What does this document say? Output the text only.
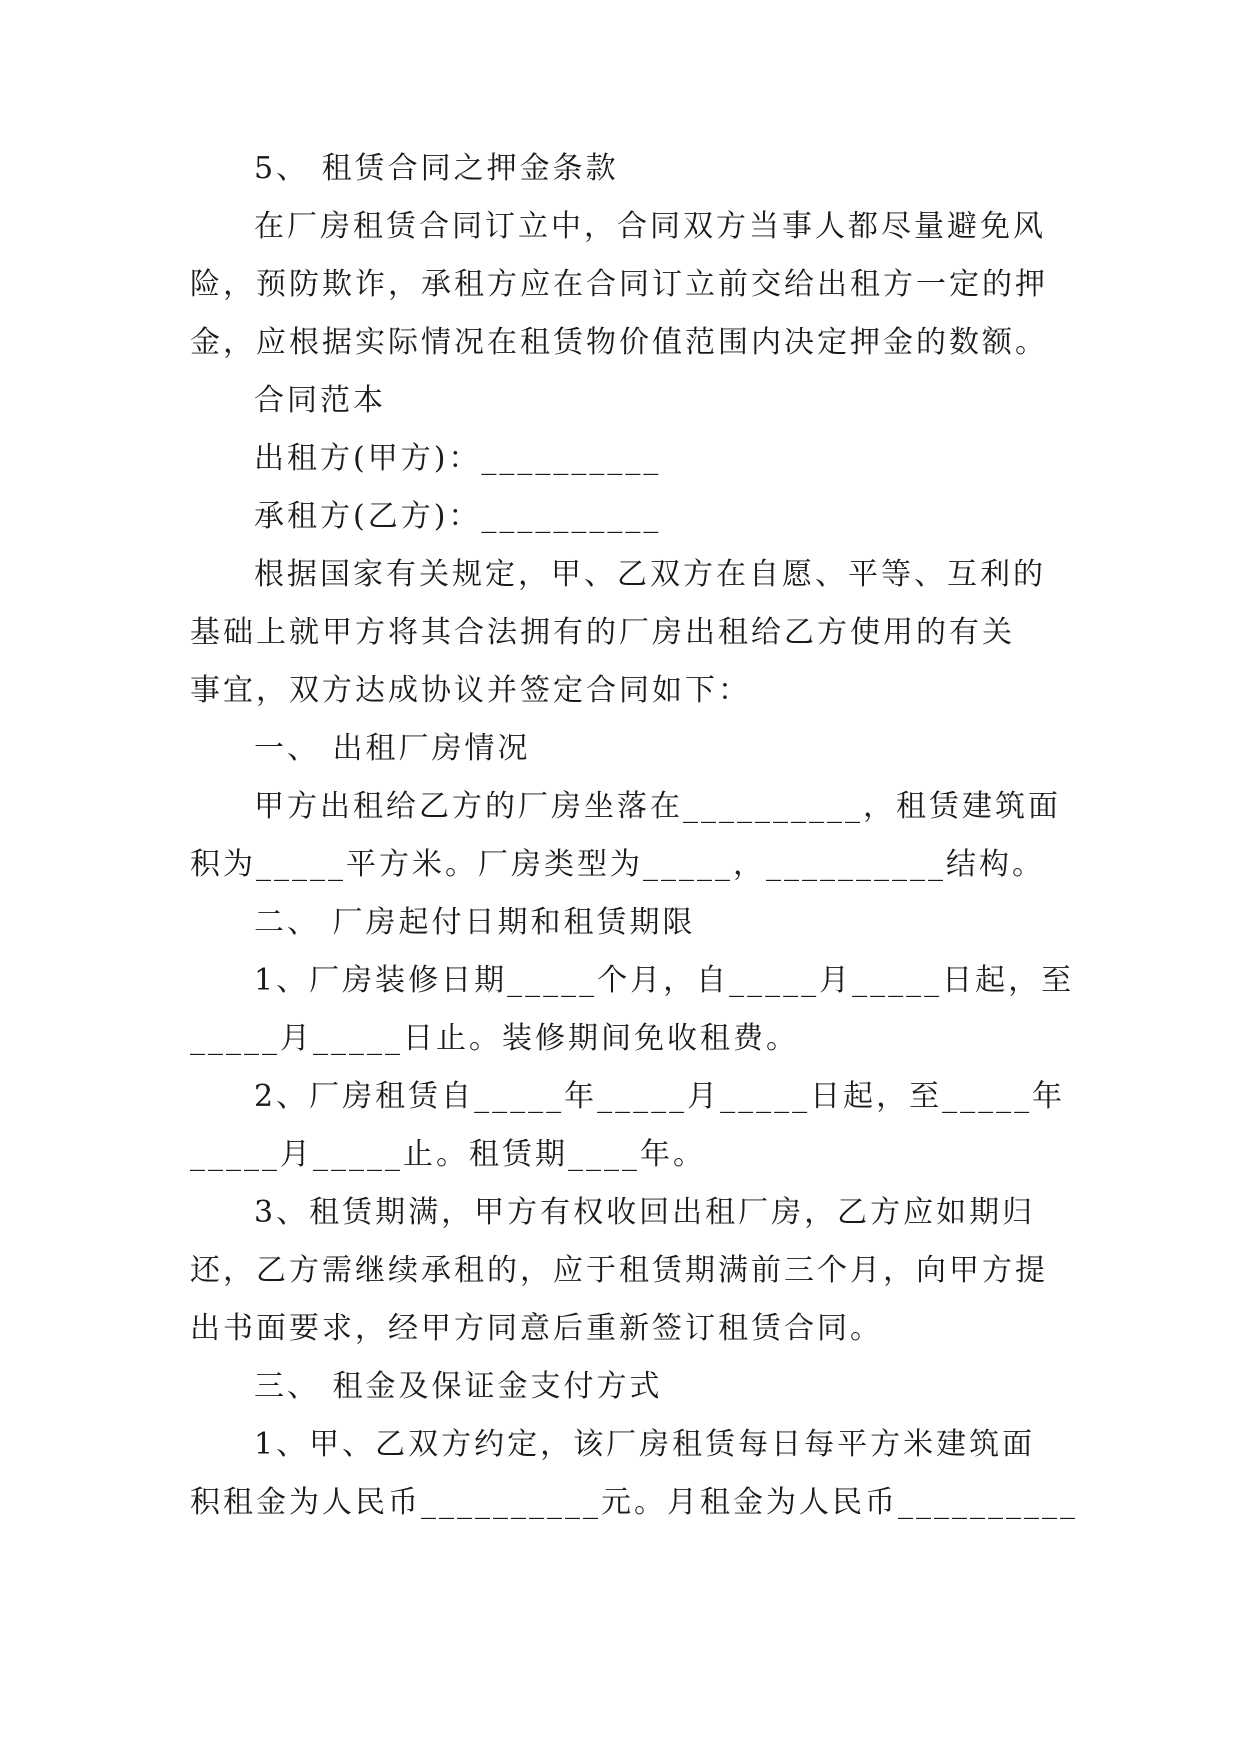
5、 租赁合同之押金条款
在厂房租赁合同订立中，合同双方当事人都尽量避免风
险，预防欺诈，承租方应在合同订立前交给出租方一定的押
金，应根据实际情况在租赁物价值范围内决定押金的数额。
合同范本
出租方(甲方)：__________
承租方(乙方)：__________
根据国家有关规定，甲、乙双方在自愿、平等、互利的
基础上就甲方将其合法拥有的厂房出租给乙方使用的有关
事宜，双方达成协议并签定合同如下：
一、 出租厂房情况
甲方出租给乙方的厂房坐落在__________，租赁建筑面
积为_____平方米。厂房类型为_____，__________结构。
二、 厂房起付日期和租赁期限
1、厂房装修日期_____个月，自_____月_____日起，至
_____月_____日止。装修期间免收租费。
2、厂房租赁自_____年_____月_____日起，至_____年
_____月_____止。租赁期____年。
3、租赁期满，甲方有权收回出租厂房，乙方应如期归
还，乙方需继续承租的，应于租赁期满前三个月，向甲方提
出书面要求，经甲方同意后重新签订租赁合同。
三、 租金及保证金支付方式
1、甲、乙双方约定，该厂房租赁每日每平方米建筑面
积租金为人民币__________元。月租金为人民币__________
